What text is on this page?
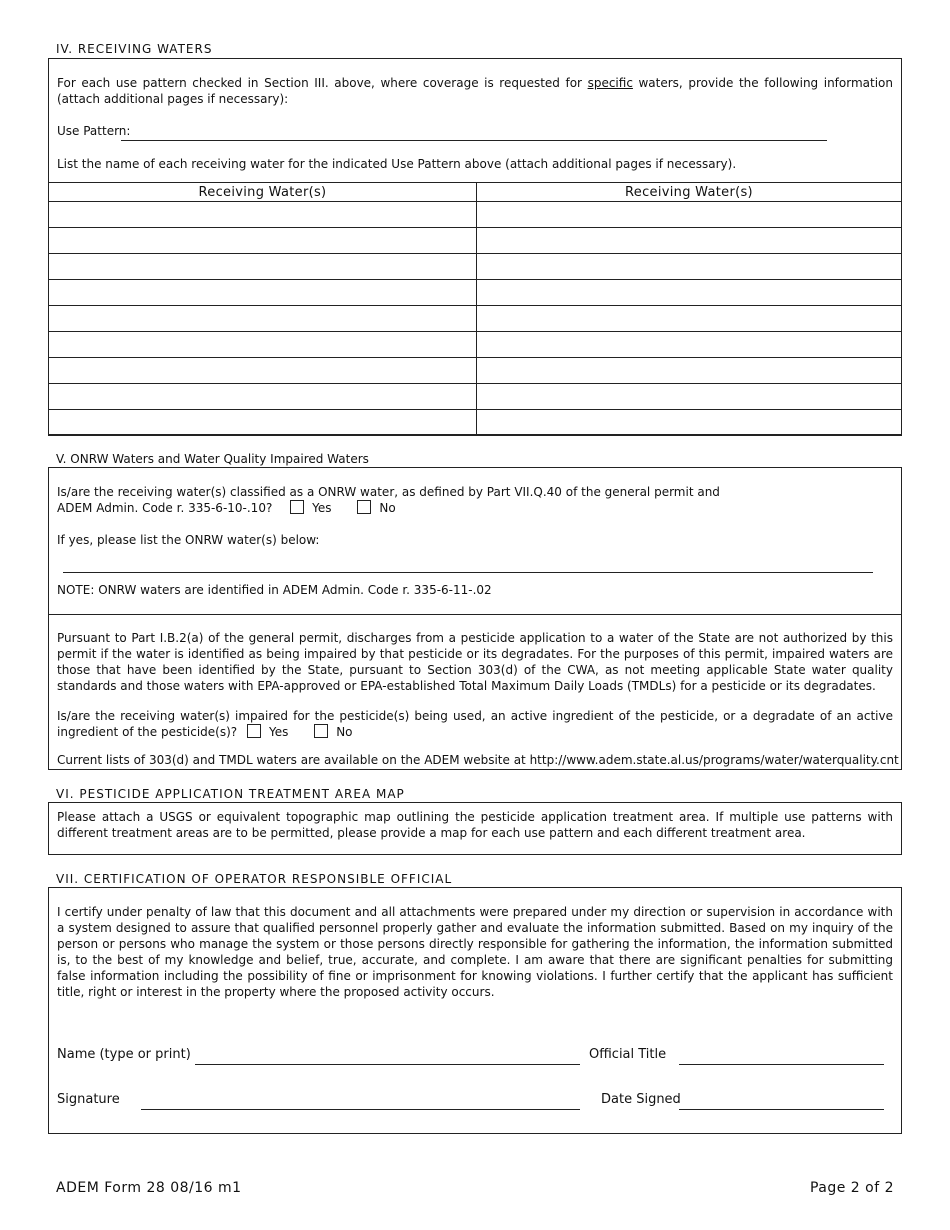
IV. RECEIVING WATERS
For each use pattern checked in Section III. above, where coverage is requested for specific waters, provide the following information (attach additional pages if necessary):
Use Pattern:
List the name of each receiving water for the indicated Use Pattern above (attach additional pages if necessary).
Receiving Water(s)	Receiving Water(s)

V. ONRW Waters and Water Quality Impaired Waters
Is/are the receiving water(s) classified as a ONRW water, as defined by Part VII.Q.40 of the general permit and
ADEM Admin. Code r. 335-6-10-.10?	Yes	No
If yes, please list the ONRW water(s) below:
NOTE: ONRW waters are identified in ADEM Admin. Code r. 335-6-11-.02
Pursuant to Part I.B.2(a) of the general permit, discharges from a pesticide application to a water of the State are not authorized by this permit if the water is identified as being impaired by that pesticide or its degradates. For the purposes of this permit, impaired waters are those that have been identified by the State, pursuant to Section 303(d) of the CWA, as not meeting applicable State water quality standards and those waters with EPA-approved or EPA-established Total Maximum Daily Loads (TMDLs) for a pesticide or its degradates.
Is/are the receiving water(s) impaired for the pesticide(s) being used, an active ingredient of the pesticide, or a degradate of an active ingredient of the pesticide(s)?	Yes	No
Current lists of 303(d) and TMDL waters are available on the ADEM website at http://www.adem.state.al.us/programs/water/waterquality.cnt
VI. PESTICIDE APPLICATION TREATMENT AREA MAP
Please attach a USGS or equivalent topographic map outlining the pesticide application treatment area. If multiple use patterns with different treatment areas are to be permitted, please provide a map for each use pattern and each different treatment area.
VII. CERTIFICATION OF OPERATOR RESPONSIBLE OFFICIAL
I certify under penalty of law that this document and all attachments were prepared under my direction or supervision in accordance with a system designed to assure that qualified personnel properly gather and evaluate the information submitted. Based on my inquiry of the person or persons who manage the system or those persons directly responsible for gathering the information, the information submitted is, to the best of my knowledge and belief, true, accurate, and complete. I am aware that there are significant penalties for submitting false information including the possibility of fine or imprisonment for knowing violations. I further certify that the applicant has sufficient title, right or interest in the property where the proposed activity occurs.
Name (type or print)	Official Title
Signature	Date Signed
ADEM Form 28 08/16 m1	Page 2 of 2
